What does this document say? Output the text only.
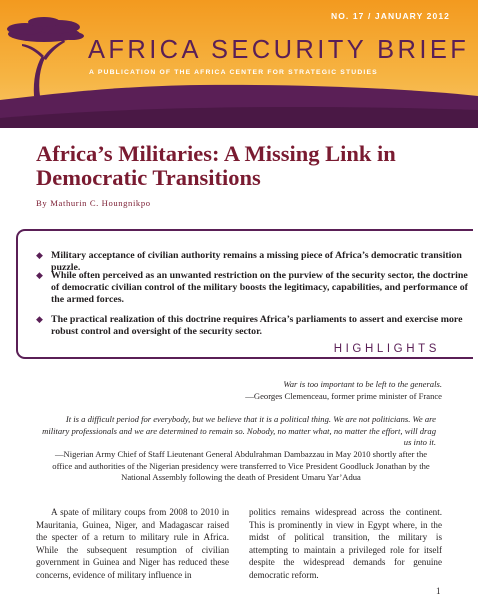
NO. 17 / JANUARY 2012
AFRICA SECURITY BRIEF
A PUBLICATION OF THE AFRICA CENTER FOR STRATEGIC STUDIES
Africa’s Militaries: A Missing Link in Democratic Transitions
By Mathurin C. Houngnikpo
◆ Military acceptance of civilian authority remains a missing piece of Africa’s democratic transition puzzle.
◆ While often perceived as an unwanted restriction on the purview of the security sector, the doctrine of democratic civilian control of the military boosts the legitimacy, capabilities, and performance of the armed forces.
◆ The practical realization of this doctrine requires Africa’s parliaments to assert and exercise more robust control and oversight of the security sector.
HIGHLIGHTS
War is too important to be left to the generals.
—Georges Clemenceau, former prime minister of France
It is a difficult period for everybody, but we believe that it is a political thing. We are not politicians. We are military professionals and we are determined to remain so. Nobody, no matter what, no matter the effort, will drag us into it.
—Nigerian Army Chief of Staff Lieutenant General Abdulrahman Dambazzau in May 2010 shortly after the office and authorities of the Nigerian presidency were transferred to Vice President Goodluck Jonathan by the National Assembly following the death of President Umaru Yar’Adua
A spate of military coups from 2008 to 2010 in Mauritania, Guinea, Niger, and Madagascar raised the specter of a return to military rule in Africa. While the subsequent resumption of civilian government in Guinea and Niger has reduced these concerns, evidence of military influence in
politics remains widespread across the continent. This is prominently in view in Egypt where, in the midst of political transition, the military is attempting to maintain a privileged role for itself despite the widespread demands for genuine democratic reform.
1
